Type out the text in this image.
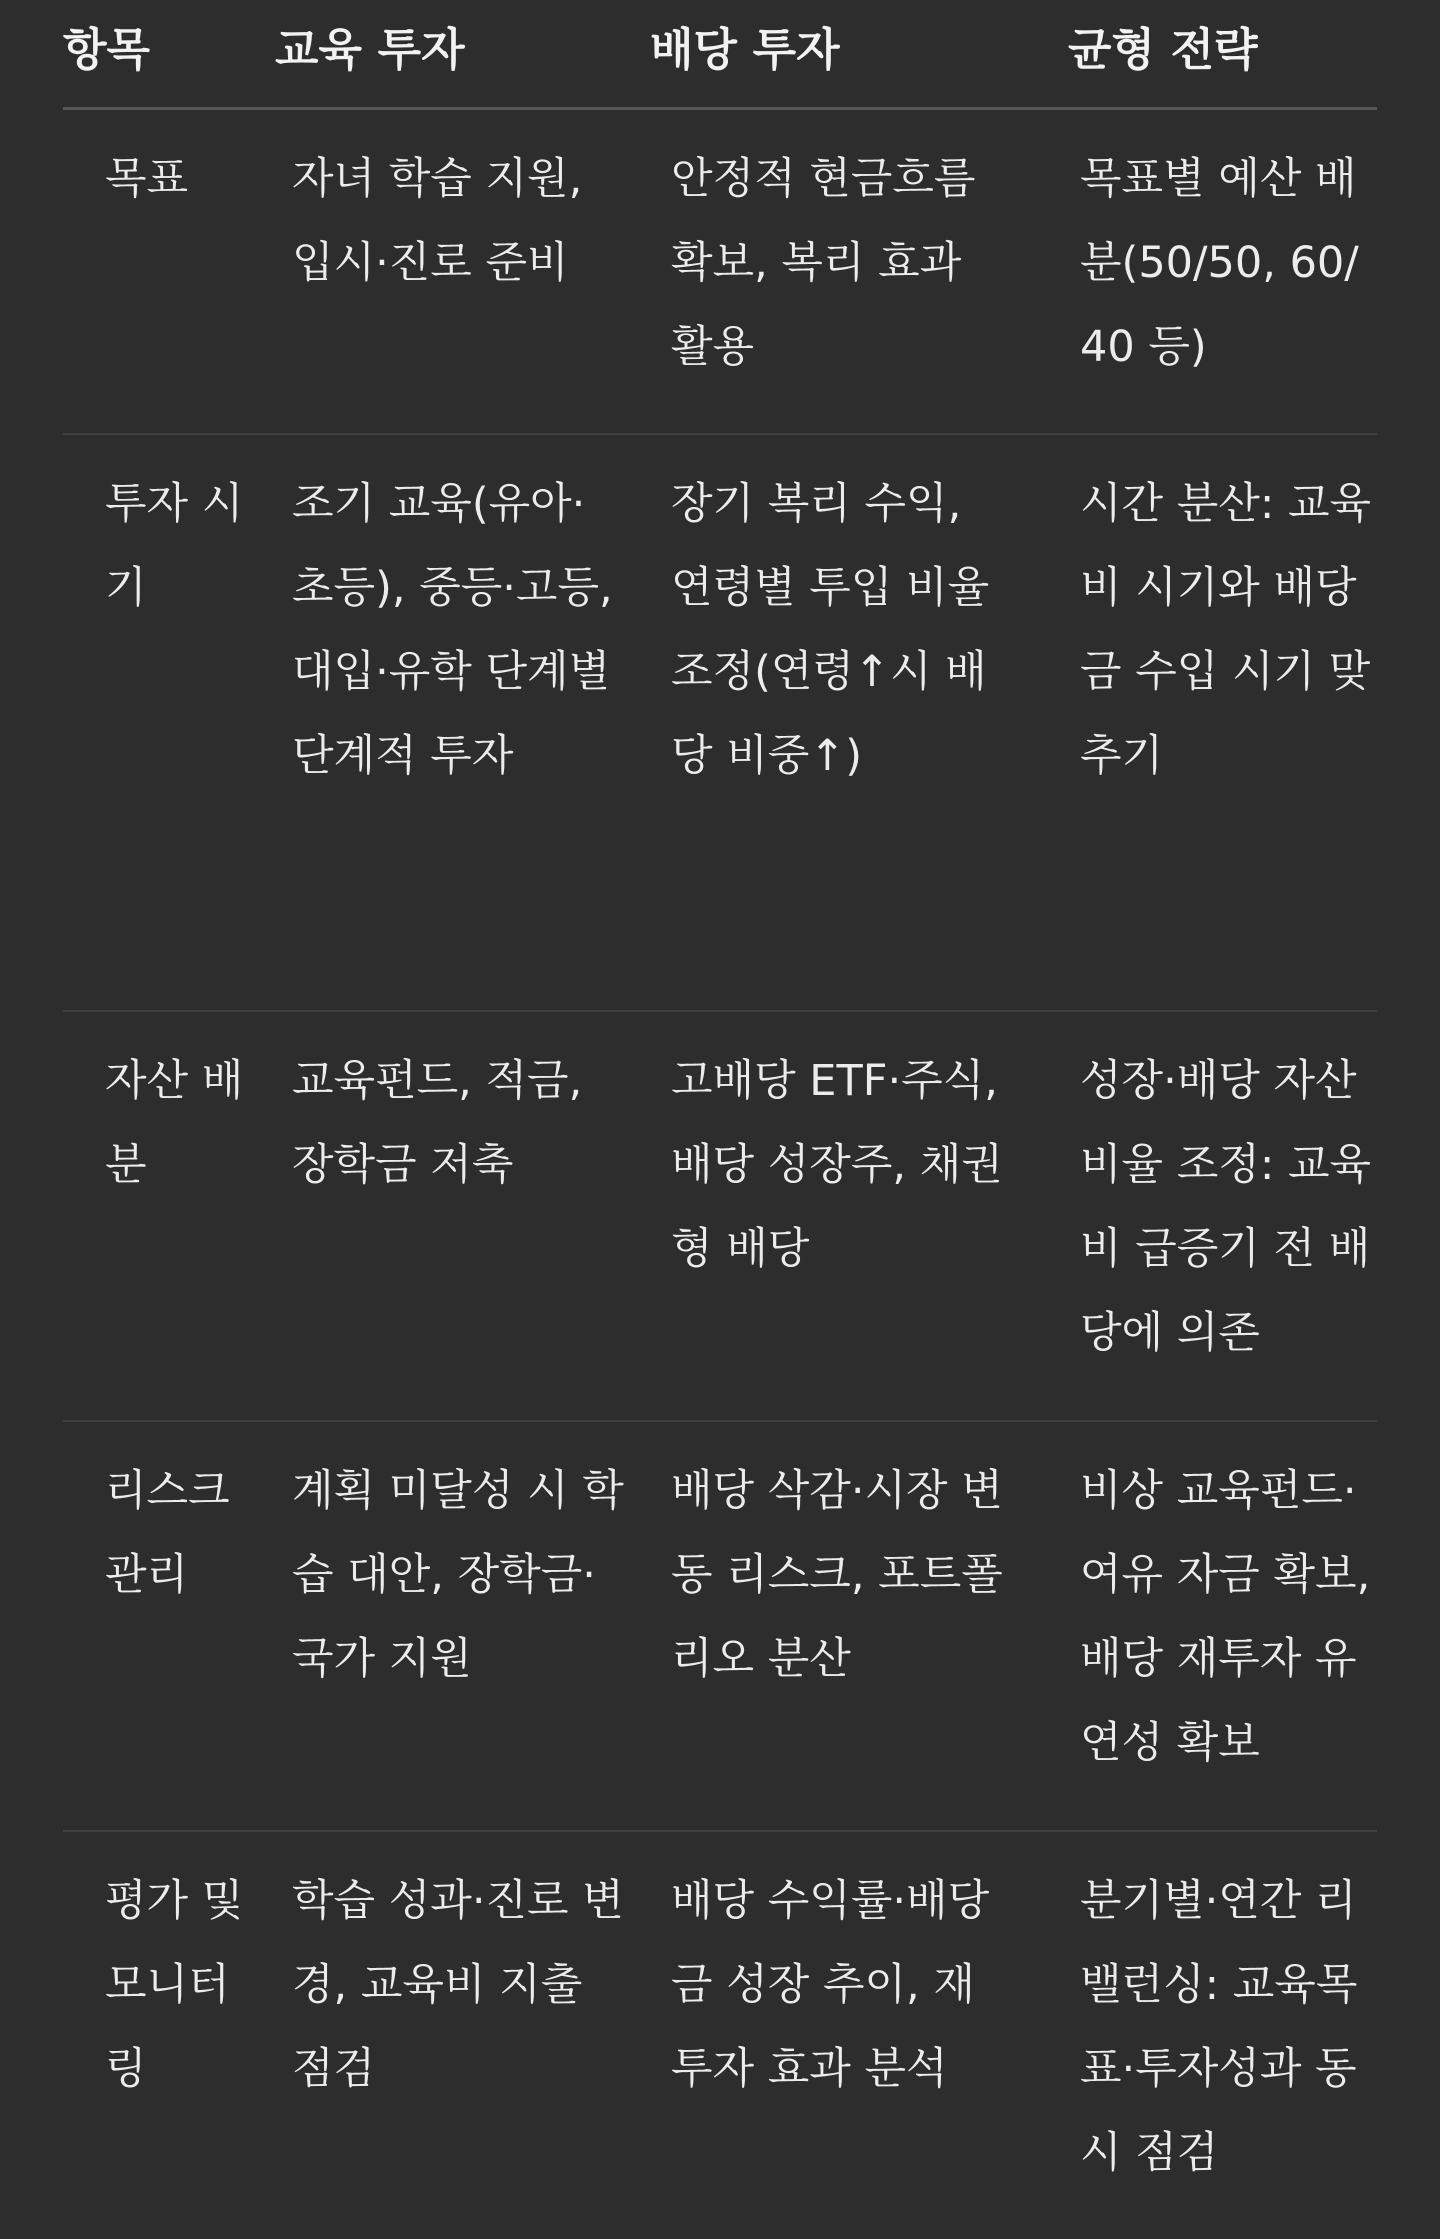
항목	교육 투자	배당 투자	균형 전략
목표	자녀 학습 지원, 입시·진로 준비	안정적 현금흐름 확보, 복리 효과 활용	목표별 예산 배분(50/50, 60/40 등)
투자 시기	조기 교육(유아·초등), 중등·고등, 대입·유학 단계별 단계적 투자	장기 복리 수익, 연령별 투입 비율 조정(연령↑시 배당 비중↑)	시간 분산: 교육비 시기와 배당금 수입 시기 맞추기
자산 배분	교육펀드, 적금, 장학금 저축	고배당 ETF·주식, 배당 성장주, 채권형 배당	성장·배당 자산 비율 조정: 교육비 급증기 전 배당에 의존
리스크 관리	계획 미달성 시 학습 대안, 장학금·국가 지원	배당 삭감·시장 변동 리스크, 포트폴리오 분산	비상 교육펀드·여유 자금 확보, 배당 재투자 유연성 확보
평가 및 모니터링	학습 성과·진로 변경, 교육비 지출 점검	배당 수익률·배당금 성장 추이, 재투자 효과 분석	분기별·연간 리밸런싱: 교육목표·투자성과 동시 점검
